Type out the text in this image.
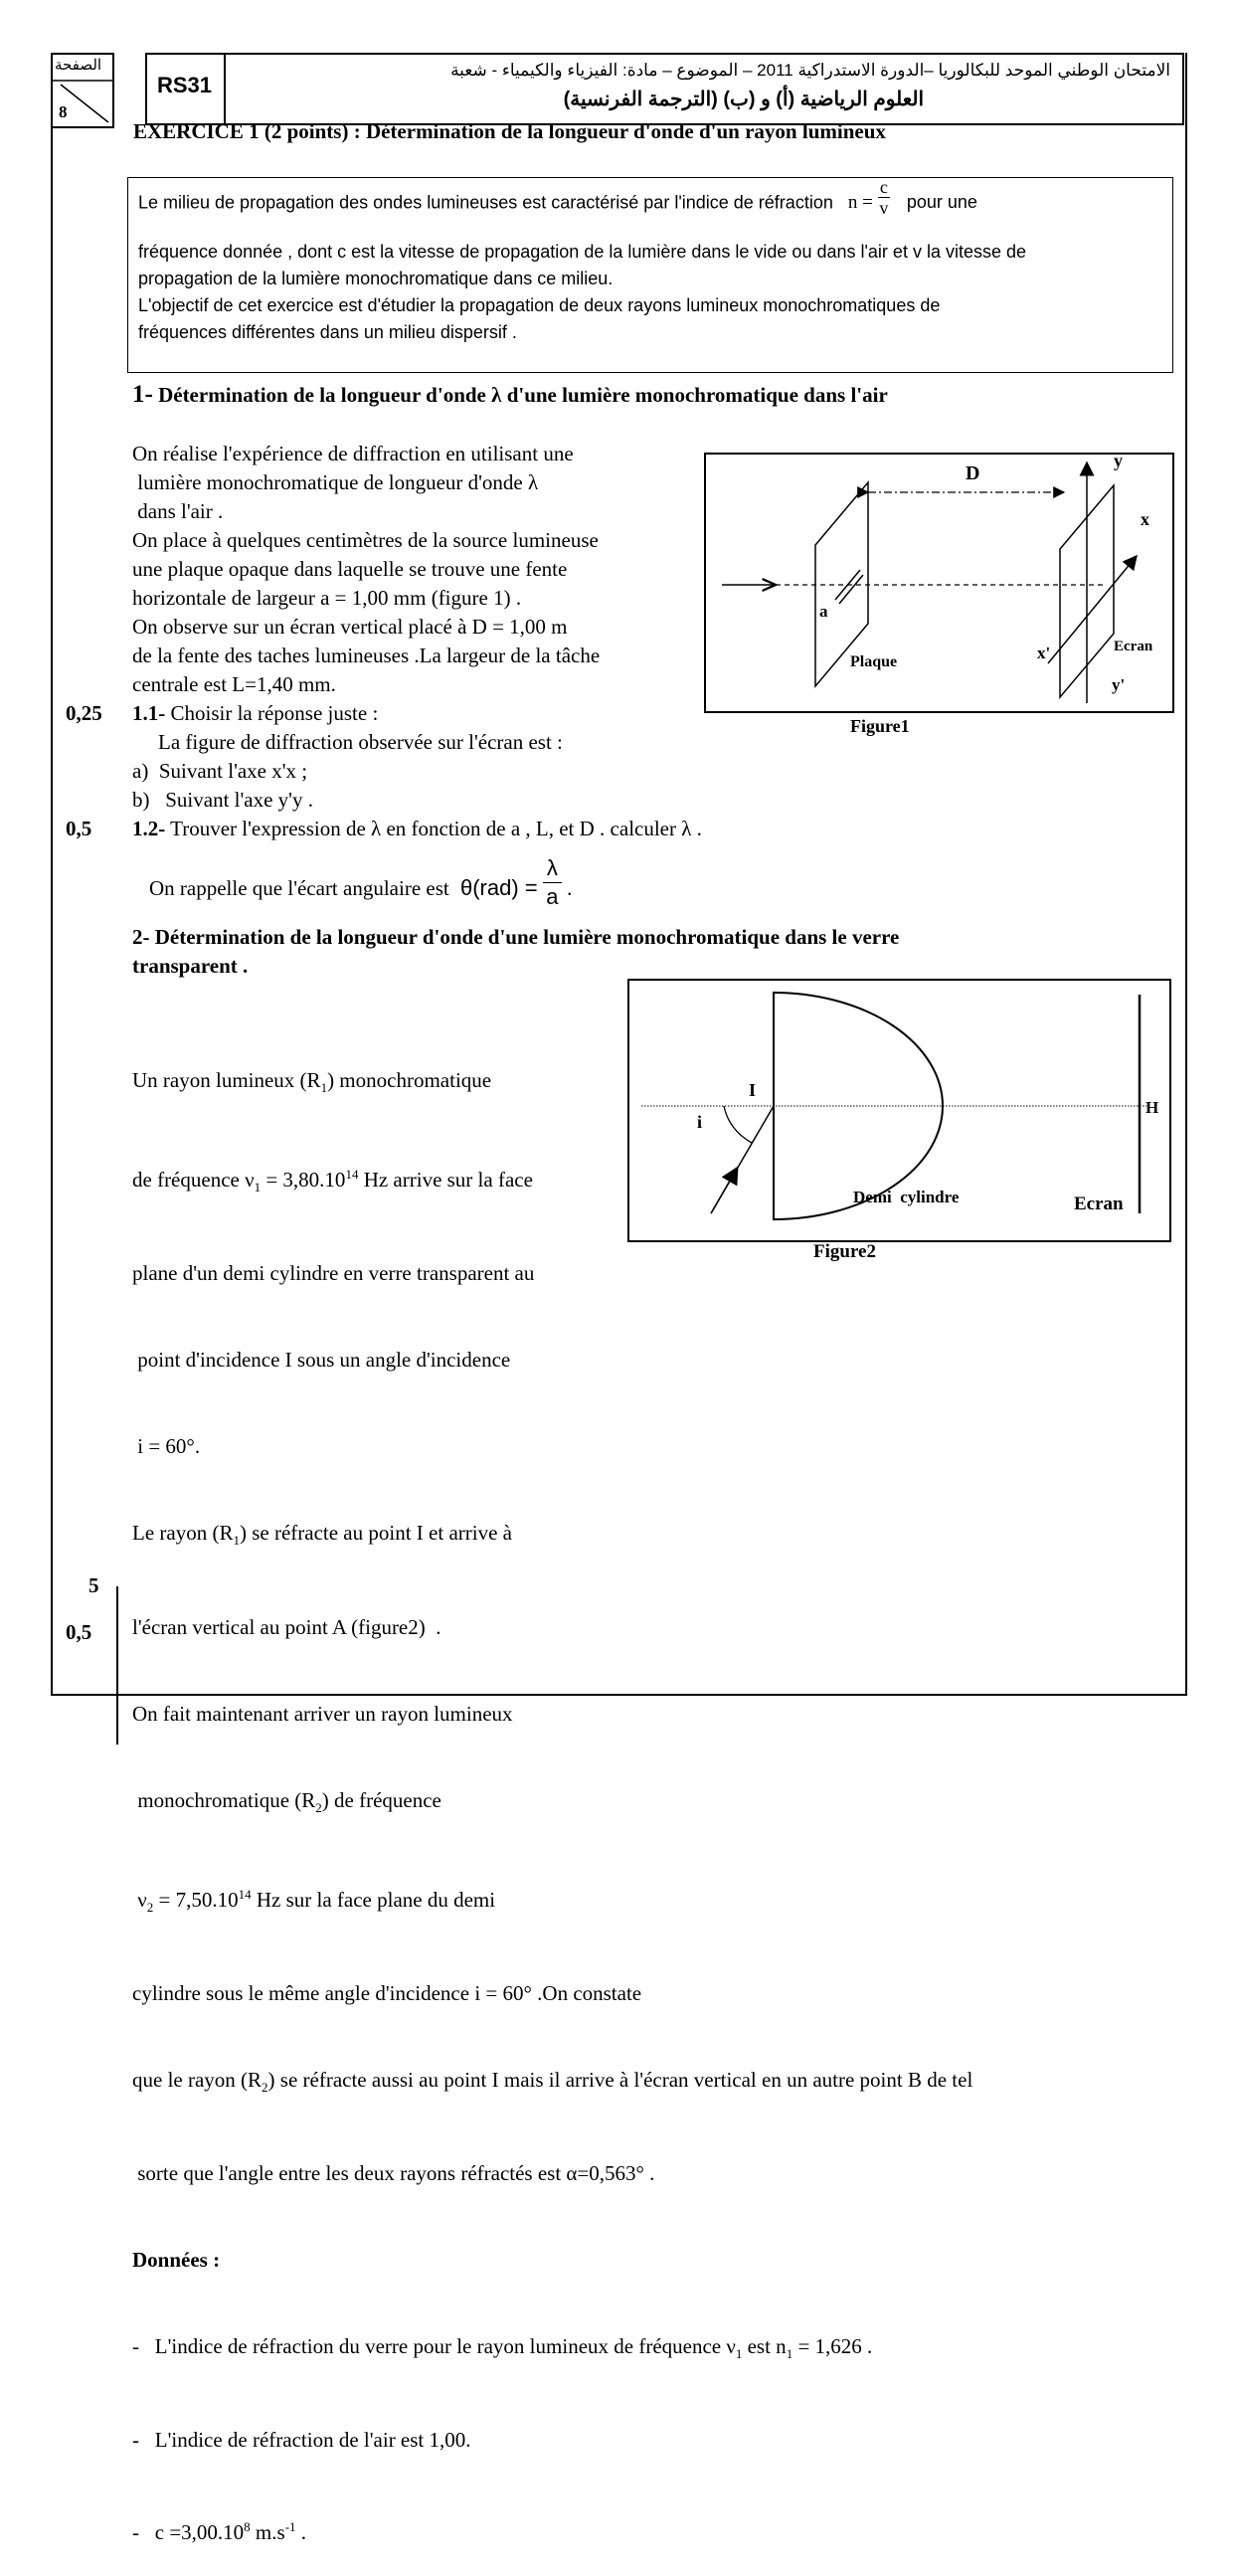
الصفحة
8
RS31
الامتحان الوطني الموحد للبكالوريا –الدورة الاستدراكية 2011 – الموضوع – مادة: الفيزياء والكيمياء - شعبة
العلوم الرياضية (أ) و (ب) (الترجمة الفرنسية)
EXERCICE 1 (2 points) : Détermination de la longueur d'onde d'un rayon lumineux

Le milieu de propagation des ondes lumineuses est caractérisé par l'indice de réfraction $n = \frac{c}{v}$ pour une

fréquence donnée , dont c est la vitesse de propagation de la lumière dans le vide ou dans l'air et v la vitesse de

propagation de la lumière monochromatique dans ce milieu.

L'objectif de cet exercice est d'étudier la propagation de deux rayons lumineux monochromatiques de

fréquences différentes dans un milieu dispersif .

1- Détermination de la longueur d'onde λ d'une lumière monochromatique dans l'air
On réalise l'expérience de diffraction en utilisant une
lumière monochromatique de longueur d'onde λ
dans l'air .
On place à quelques centimètres de la source lumineuse
une plaque opaque dans laquelle se trouve une fente
horizontale de largeur a = 1,00 mm (figure 1) .
On observe sur un écran vertical placé à D = 1,00 m
de la fente des taches lumineuses .La largeur de la tâche
centrale est L=1,40 mm.
0,25
0,5
5
0,5
1.1- Choisir la réponse juste :
La figure de diffraction observée sur l'écran est :
a)  Suivant l'axe x'x ;
b)   Suivant l'axe y'y .
1.2- Trouver l'expression de λ en fonction de a , L, et D . calculer λ .
On rappelle que l'écart angulaire est $\theta(rad) = \frac{\lambda}{a}$ .
D
y
x
a
Plaque	x'	Ecran
y'
Figure1
2- Détermination de la longueur d'onde d'une lumière monochromatique dans le verre
transparent .

Un rayon lumineux $(R_1)$ monochromatique

de fréquence $\nu_1 = 3,80.10^{14}$ Hz arrive sur la face

plane d'un demi cylindre en verre transparent au

point d'incidence I sous un angle d'incidence

i = 60°.

Le rayon $(R_1)$ se réfracte au point I et arrive à

l'écran vertical au point A (figure2)  .

On fait maintenant arriver un rayon lumineux

monochromatique $(R_2)$ de fréquence

$\nu_2 = 7,50.10^{14}$ Hz sur la face plane du demi

cylindre sous le même angle d'incidence i = 60° .On constate

que le rayon $(R_2)$ se réfracte aussi au point I mais il arrive à l'écran vertical en un autre point B de tel

sorte que l'angle entre les deux rayons réfractés est α=0,563° .

Données :

-   L'indice de réfraction du verre pour le rayon lumineux de fréquence $\nu_1$ est $n_1 = 1,626$ .

-   L'indice de réfraction de l'air est 1,00.

-   $c =3,00.10^8$ $m.s^{-1}$ .

I
i
H
Demi  cylindre	Ecran
Figure2
